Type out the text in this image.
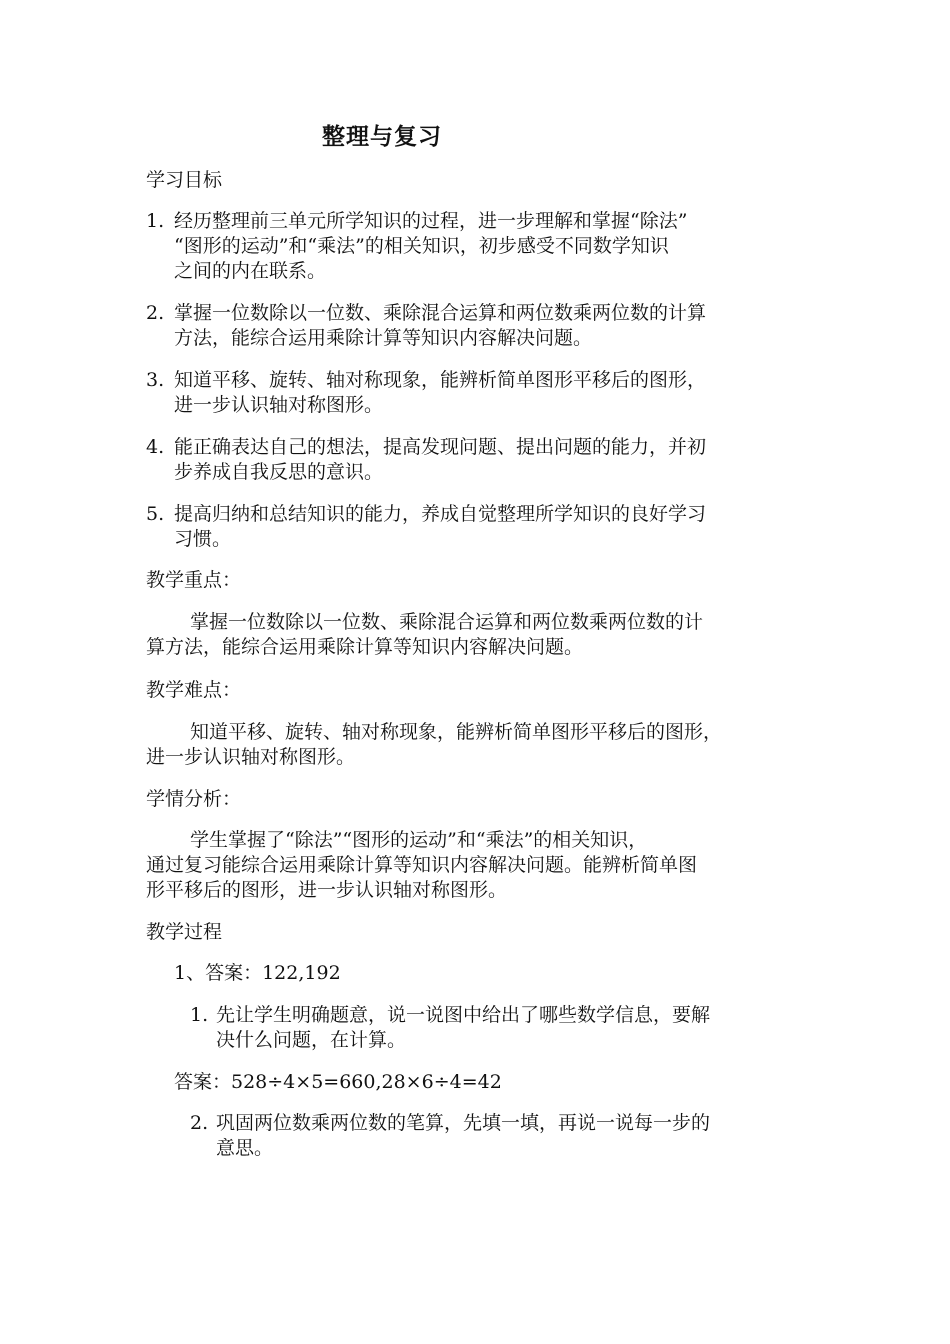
整理与复习
学习目标
1. 经历整理前三单元所学知识的过程，进一步理解和掌握“除法”
“图形的运动”和“乘法”的相关知识，初步感受不同数学知识
之间的内在联系。
2. 掌握一位数除以一位数、乘除混合运算和两位数乘两位数的计算
方法，能综合运用乘除计算等知识内容解决问题。
3. 知道平移、旋转、轴对称现象，能辨析简单图形平移后的图形，
进一步认识轴对称图形。
4. 能正确表达自己的想法，提高发现问题、提出问题的能力，并初
步养成自我反思的意识。
5. 提高归纳和总结知识的能力，养成自觉整理所学知识的良好学习
习惯。
教学重点：
掌握一位数除以一位数、乘除混合运算和两位数乘两位数的计
算方法，能综合运用乘除计算等知识内容解决问题。
教学难点：
知道平移、旋转、轴对称现象，能辨析简单图形平移后的图形，
进一步认识轴对称图形。
学情分析：
学生掌握了“除法”“图形的运动”和“乘法”的相关知识，
通过复习能综合运用乘除计算等知识内容解决问题。能辨析简单图
形平移后的图形，进一步认识轴对称图形。
教学过程
1、答案：122,192
1. 先让学生明确题意，说一说图中给出了哪些数学信息，要解
决什么问题，在计算。
答案：528÷4×5=660,28×6÷4=42
2. 巩固两位数乘两位数的笔算，先填一填，再说一说每一步的
意思。
